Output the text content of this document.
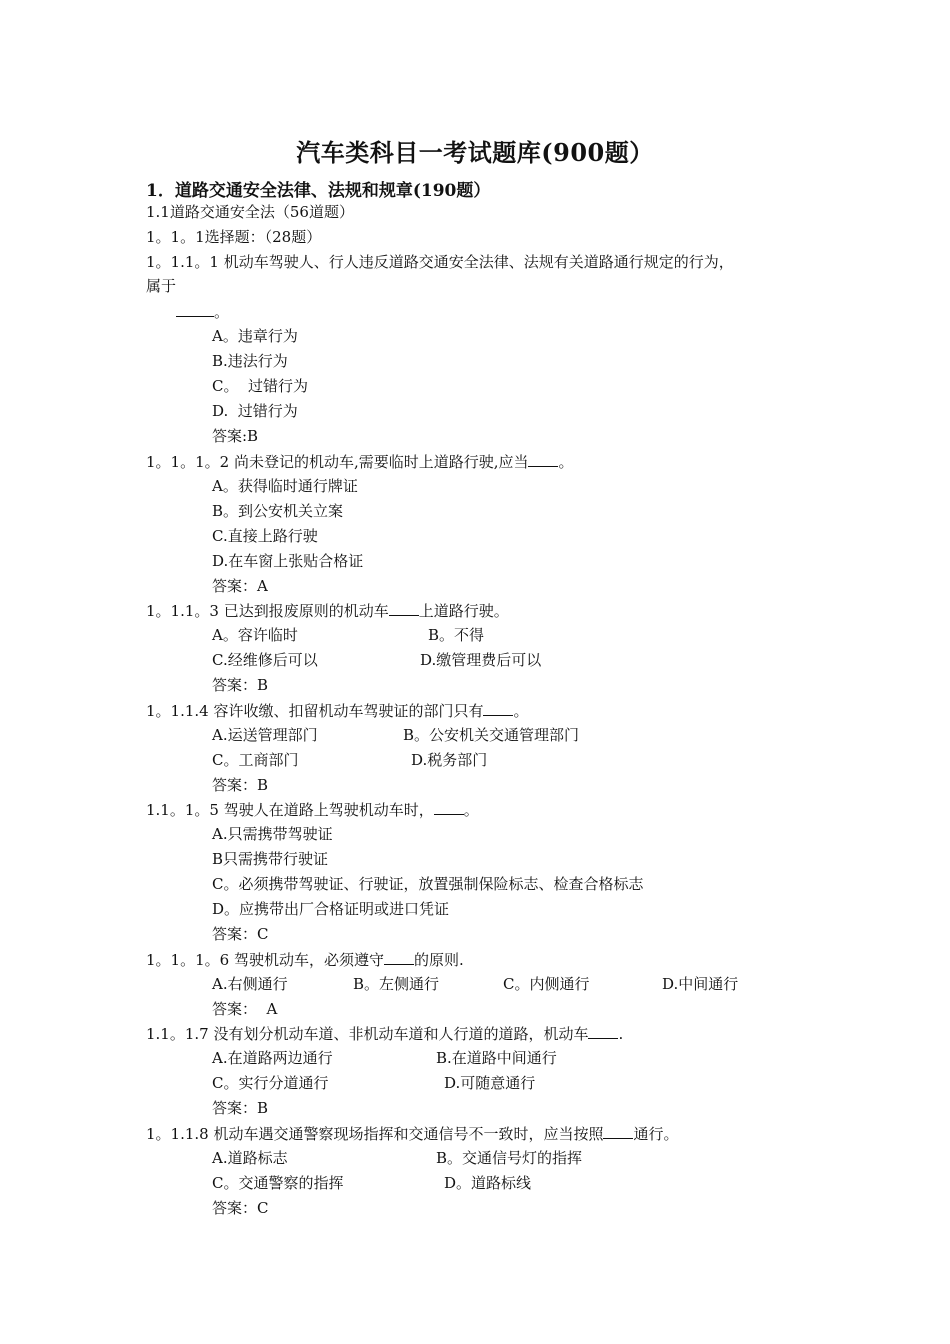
汽车类科目一考试题库(900题）
1．道路交通安全法律、法规和规章(190题）
1.1道路交通安全法（56道题）
1。1。1选择题：（28题）
1。1.1。1 机动车驾驶人、行人违反道路交通安全法律、法规有关道路通行规定的行为，
属于
。
A。违章行为
B.违法行为
C。  过错行为
D.  过错行为
答案:B
1。1。1。2 尚未登记的机动车,需要临时上道路行驶,应当 。
A。获得临时通行牌证
B。到公安机关立案
C.直接上路行驶
D.在车窗上张贴合格证
答案：A
1。1.1。3 已达到报废原则的机动车 上道路行驶。
A。容许临时	B。不得
C.经维修后可以	D.缴管理费后可以
答案：B
1。1.1.4 容许收缴、扣留机动车驾驶证的部门只有 。
A.运送管理部门	B。公安机关交通管理部门
C。工商部门	D.税务部门
答案：B
1.1。1。5 驾驶人在道路上驾驶机动车时， 。
A.只需携带驾驶证
B只需携带行驶证
C。必须携带驾驶证、行驶证，放置强制保险标志、检查合格标志
D。应携带出厂合格证明或进口凭证
答案：C
1。1。1。6 驾驶机动车，必须遵守 的原则.
A.右侧通行	B。左侧通行	C。内侧通行	D.中间通行
答案：  A
1.1。1.7 没有划分机动车道、非机动车道和人行道的道路，机动车 .
A.在道路两边通行	B.在道路中间通行
C。实行分道通行	D.可随意通行
答案：B
1。1.1.8 机动车遇交通警察现场指挥和交通信号不一致时，应当按照 通行。
A.道路标志	B。交通信号灯的指挥
C。交通警察的指挥	D。道路标线
答案：C
